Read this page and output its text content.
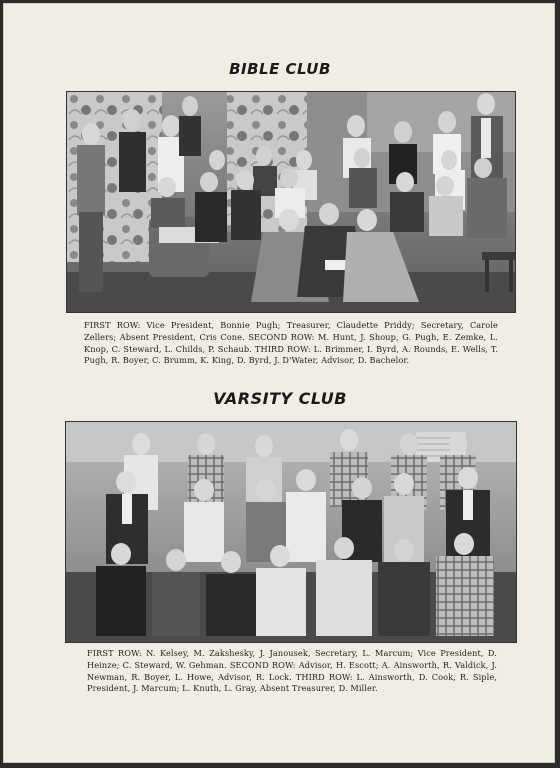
BIBLE CLUB
FIRST ROW: Vice President, Bonnie Pugh; Treasurer, Claudette Priddy; Secretary, Carole Zellers; Absent President, Cris Cone. SECOND ROW: M. Hunt, J. Shoup, G. Pugh, E. Zemke, L. Knop, C. Steward, L. Childs, P. Schaub. THIRD ROW: L. Brimmer, I. Byrd, A. Rounds, E. Wells, T. Pugh, R. Boyer, C. Brumm, K. King, D. Byrd, J. D'Water, Advisor, D. Bachelor.
VARSITY CLUB
FIRST ROW: N. Kelsey, M. Zakshesky, J. Janousek, Secretary, L. Marcum; Vice President, D. Heinze; C. Steward, W. Gehman. SECOND ROW: Advisor, H. Escott; A. Ainsworth, R. Valdick, J. Newman, R. Boyer, L. Howe, Advisor, R. Lock. THIRD ROW: L. Ainsworth, D. Cook, R. Siple, President, J. Marcum; L. Knuth, L. Gray, Absent Treasurer, D. Miller.
